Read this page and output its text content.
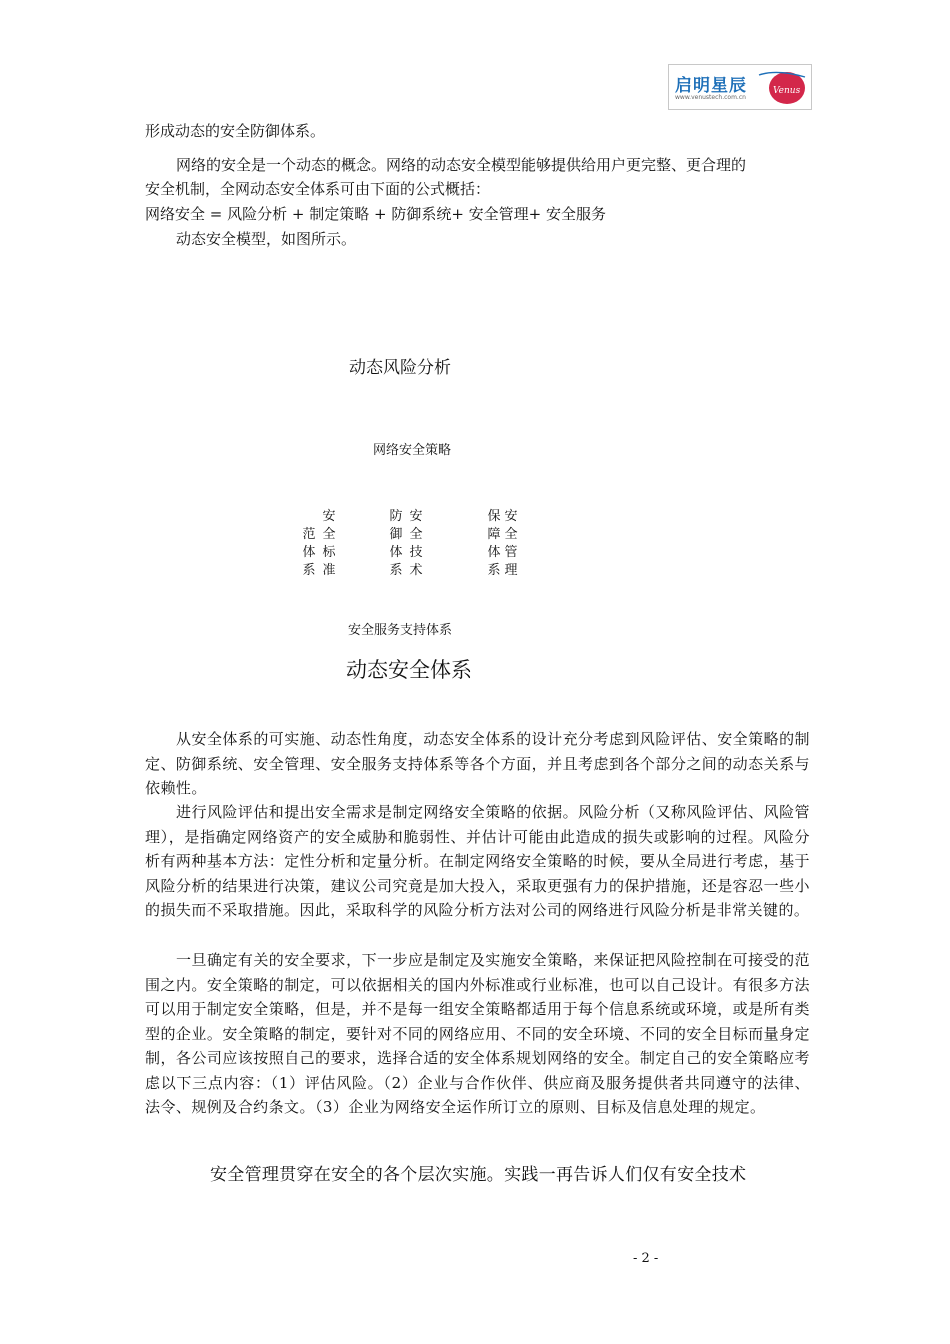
启明星辰
www.venustech.com.cn
Venus
形成动态的安全防御体系。
网络的安全是一个动态的概念。网络的动态安全模型能够提供给用户更完整、更合理的
安全机制，全网动态安全体系可由下面的公式概括：
网络安全 = 风险分析 + 制定策略 + 防御系统+ 安全管理+ 安全服务
动态安全模型，如图所示。
动态风险分析
网络安全策略
范体系
安全标准
防御体系
安全技术
保障体系
安全管理
安全服务支持体系
动态安全体系
从安全体系的可实施、动态性角度，动态安全体系的设计充分考虑到风险评估、安全策略的制定、防御系统、安全管理、安全服务支持体系等各个方面，并且考虑到各个部分之间的动态关系与依赖性。
进行风险评估和提出安全需求是制定网络安全策略的依据。风险分析（又称风险评估、风险管理），是指确定网络资产的安全威胁和脆弱性、并估计可能由此造成的损失或影响的过程。风险分析有两种基本方法：定性分析和定量分析。在制定网络安全策略的时候，要从全局进行考虑，基于风险分析的结果进行决策，建议公司究竟是加大投入，采取更强有力的保护措施，还是容忍一些小的损失而不采取措施。因此，采取科学的风险分析方法对公司的网络进行风险分析是非常关键的。
一旦确定有关的安全要求，下一步应是制定及实施安全策略，来保证把风险控制在可接受的范围之内。安全策略的制定，可以依据相关的国内外标准或行业标准，也可以自己设计。有很多方法可以用于制定安全策略，但是，并不是每一组安全策略都适用于每个信息系统或环境，或是所有类型的企业。安全策略的制定，要针对不同的网络应用、不同的安全环境、不同的安全目标而量身定制，各公司应该按照自己的要求，选择合适的安全体系规划网络的安全。制定自己的安全策略应考虑以下三点内容：（1）评估风险。（2）企业与合作伙伴、供应商及服务提供者共同遵守的法律、法令、规例及合约条文。（3）企业为网络安全运作所订立的原则、目标及信息处理的规定。
安全管理贯穿在安全的各个层次实施。实践一再告诉人们仅有安全技术
- 2 -
